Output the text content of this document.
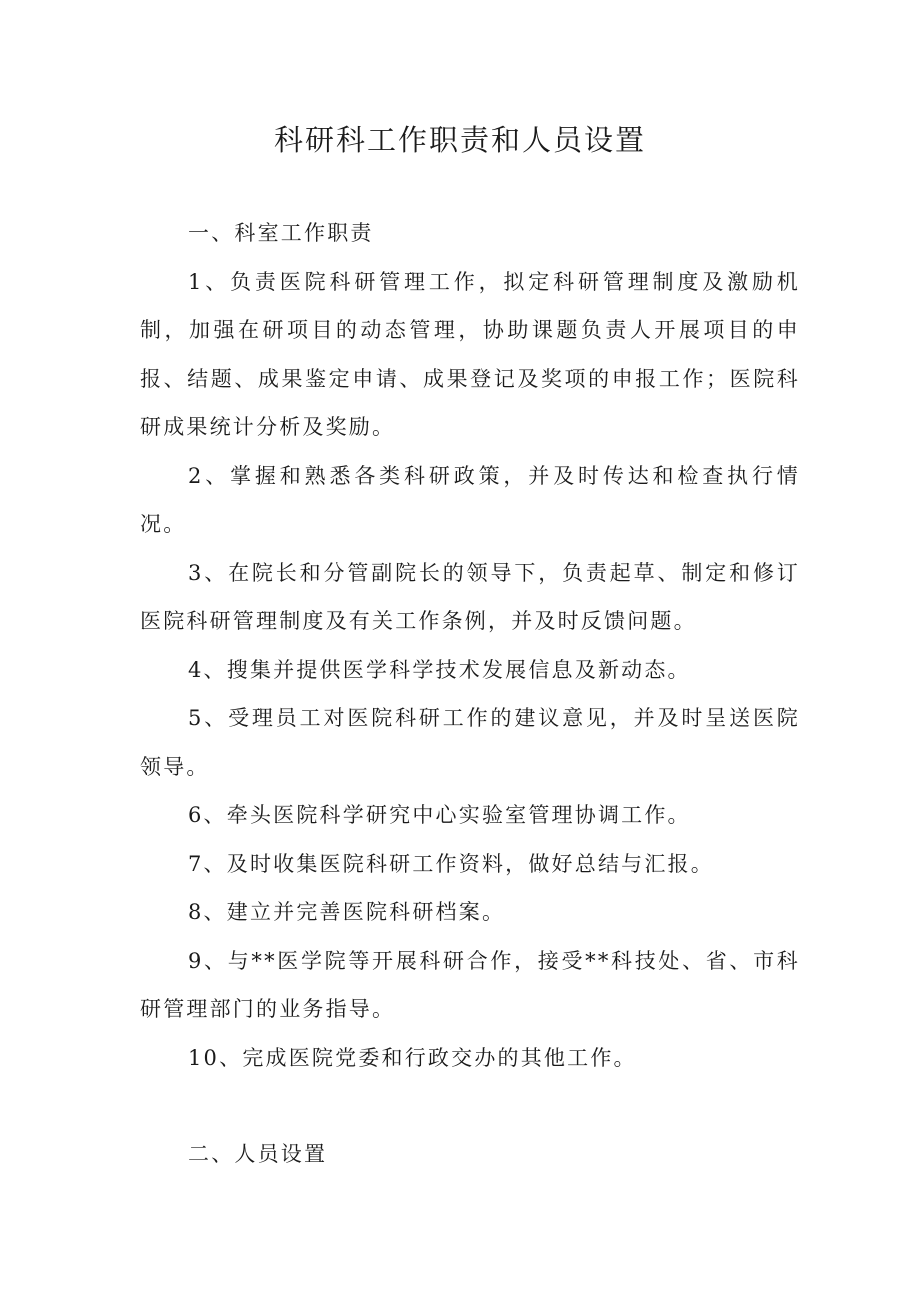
科研科工作职责和人员设置

一、科室工作职责

1、负责医院科研管理工作，拟定科研管理制度及激励机制，加强在研项目的动态管理，协助课题负责人开展项目的申报、结题、成果鉴定申请、成果登记及奖项的申报工作；医院科研成果统计分析及奖励。

2、掌握和熟悉各类科研政策，并及时传达和检查执行情况。

3、在院长和分管副院长的领导下，负责起草、制定和修订医院科研管理制度及有关工作条例，并及时反馈问题。

4、搜集并提供医学科学技术发展信息及新动态。

5、受理员工对医院科研工作的建议意见，并及时呈送医院领导。

6、牵头医院科学研究中心实验室管理协调工作。

7、及时收集医院科研工作资料，做好总结与汇报。

8、建立并完善医院科研档案。

9、与**医学院等开展科研合作，接受**科技处、省、市科研管理部门的业务指导。

10、完成医院党委和行政交办的其他工作。

二、人员设置
